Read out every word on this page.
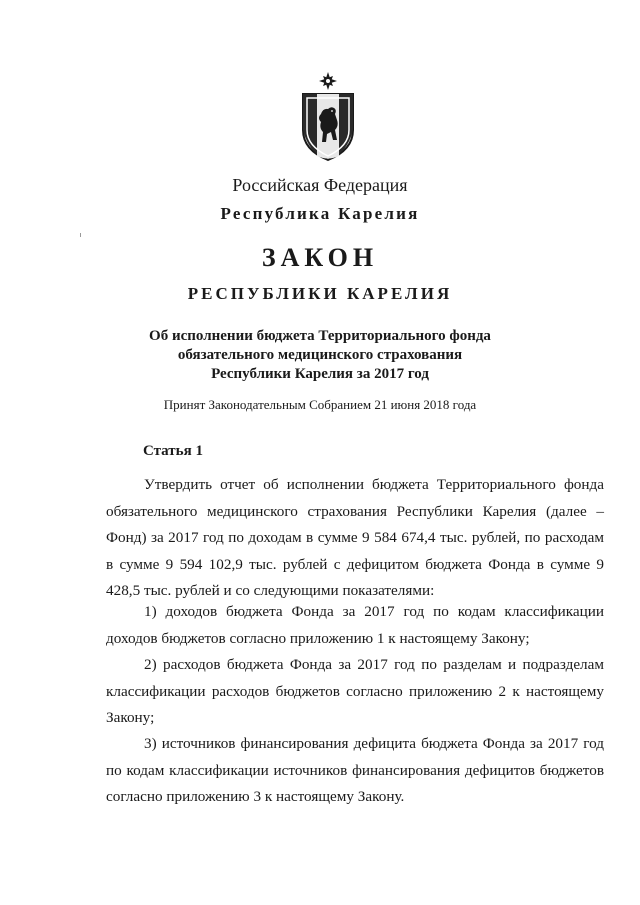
Российская Федерация
Республика Карелия
ЗАКОН
РЕСПУБЛИКИ КАРЕЛИЯ
Об исполнении бюджета Территориального фонда
обязательного медицинского страхования
Республики Карелия за 2017 год
Принят Законодательным Собранием 21 июня 2018 года
Статья 1
Утвердить отчет об исполнении бюджета Территориального фонда обязательного медицинского страхования Республики Карелия (далее – Фонд) за 2017 год по доходам в сумме 9 584 674,4 тыс. рублей, по расходам в сумме 9 594 102,9 тыс. рублей с дефицитом бюджета Фонда в сумме 9 428,5 тыс. рублей и со следующими показателями:
1) доходов бюджета Фонда за 2017 год по кодам классификации доходов бюджетов согласно приложению 1 к настоящему Закону;
2) расходов бюджета Фонда за 2017 год по разделам и подразделам классификации расходов бюджетов согласно приложению 2 к настоящему Закону;
3) источников финансирования дефицита бюджета Фонда за 2017 год по кодам классификации источников финансирования дефицитов бюджетов согласно приложению 3 к настоящему Закону.
